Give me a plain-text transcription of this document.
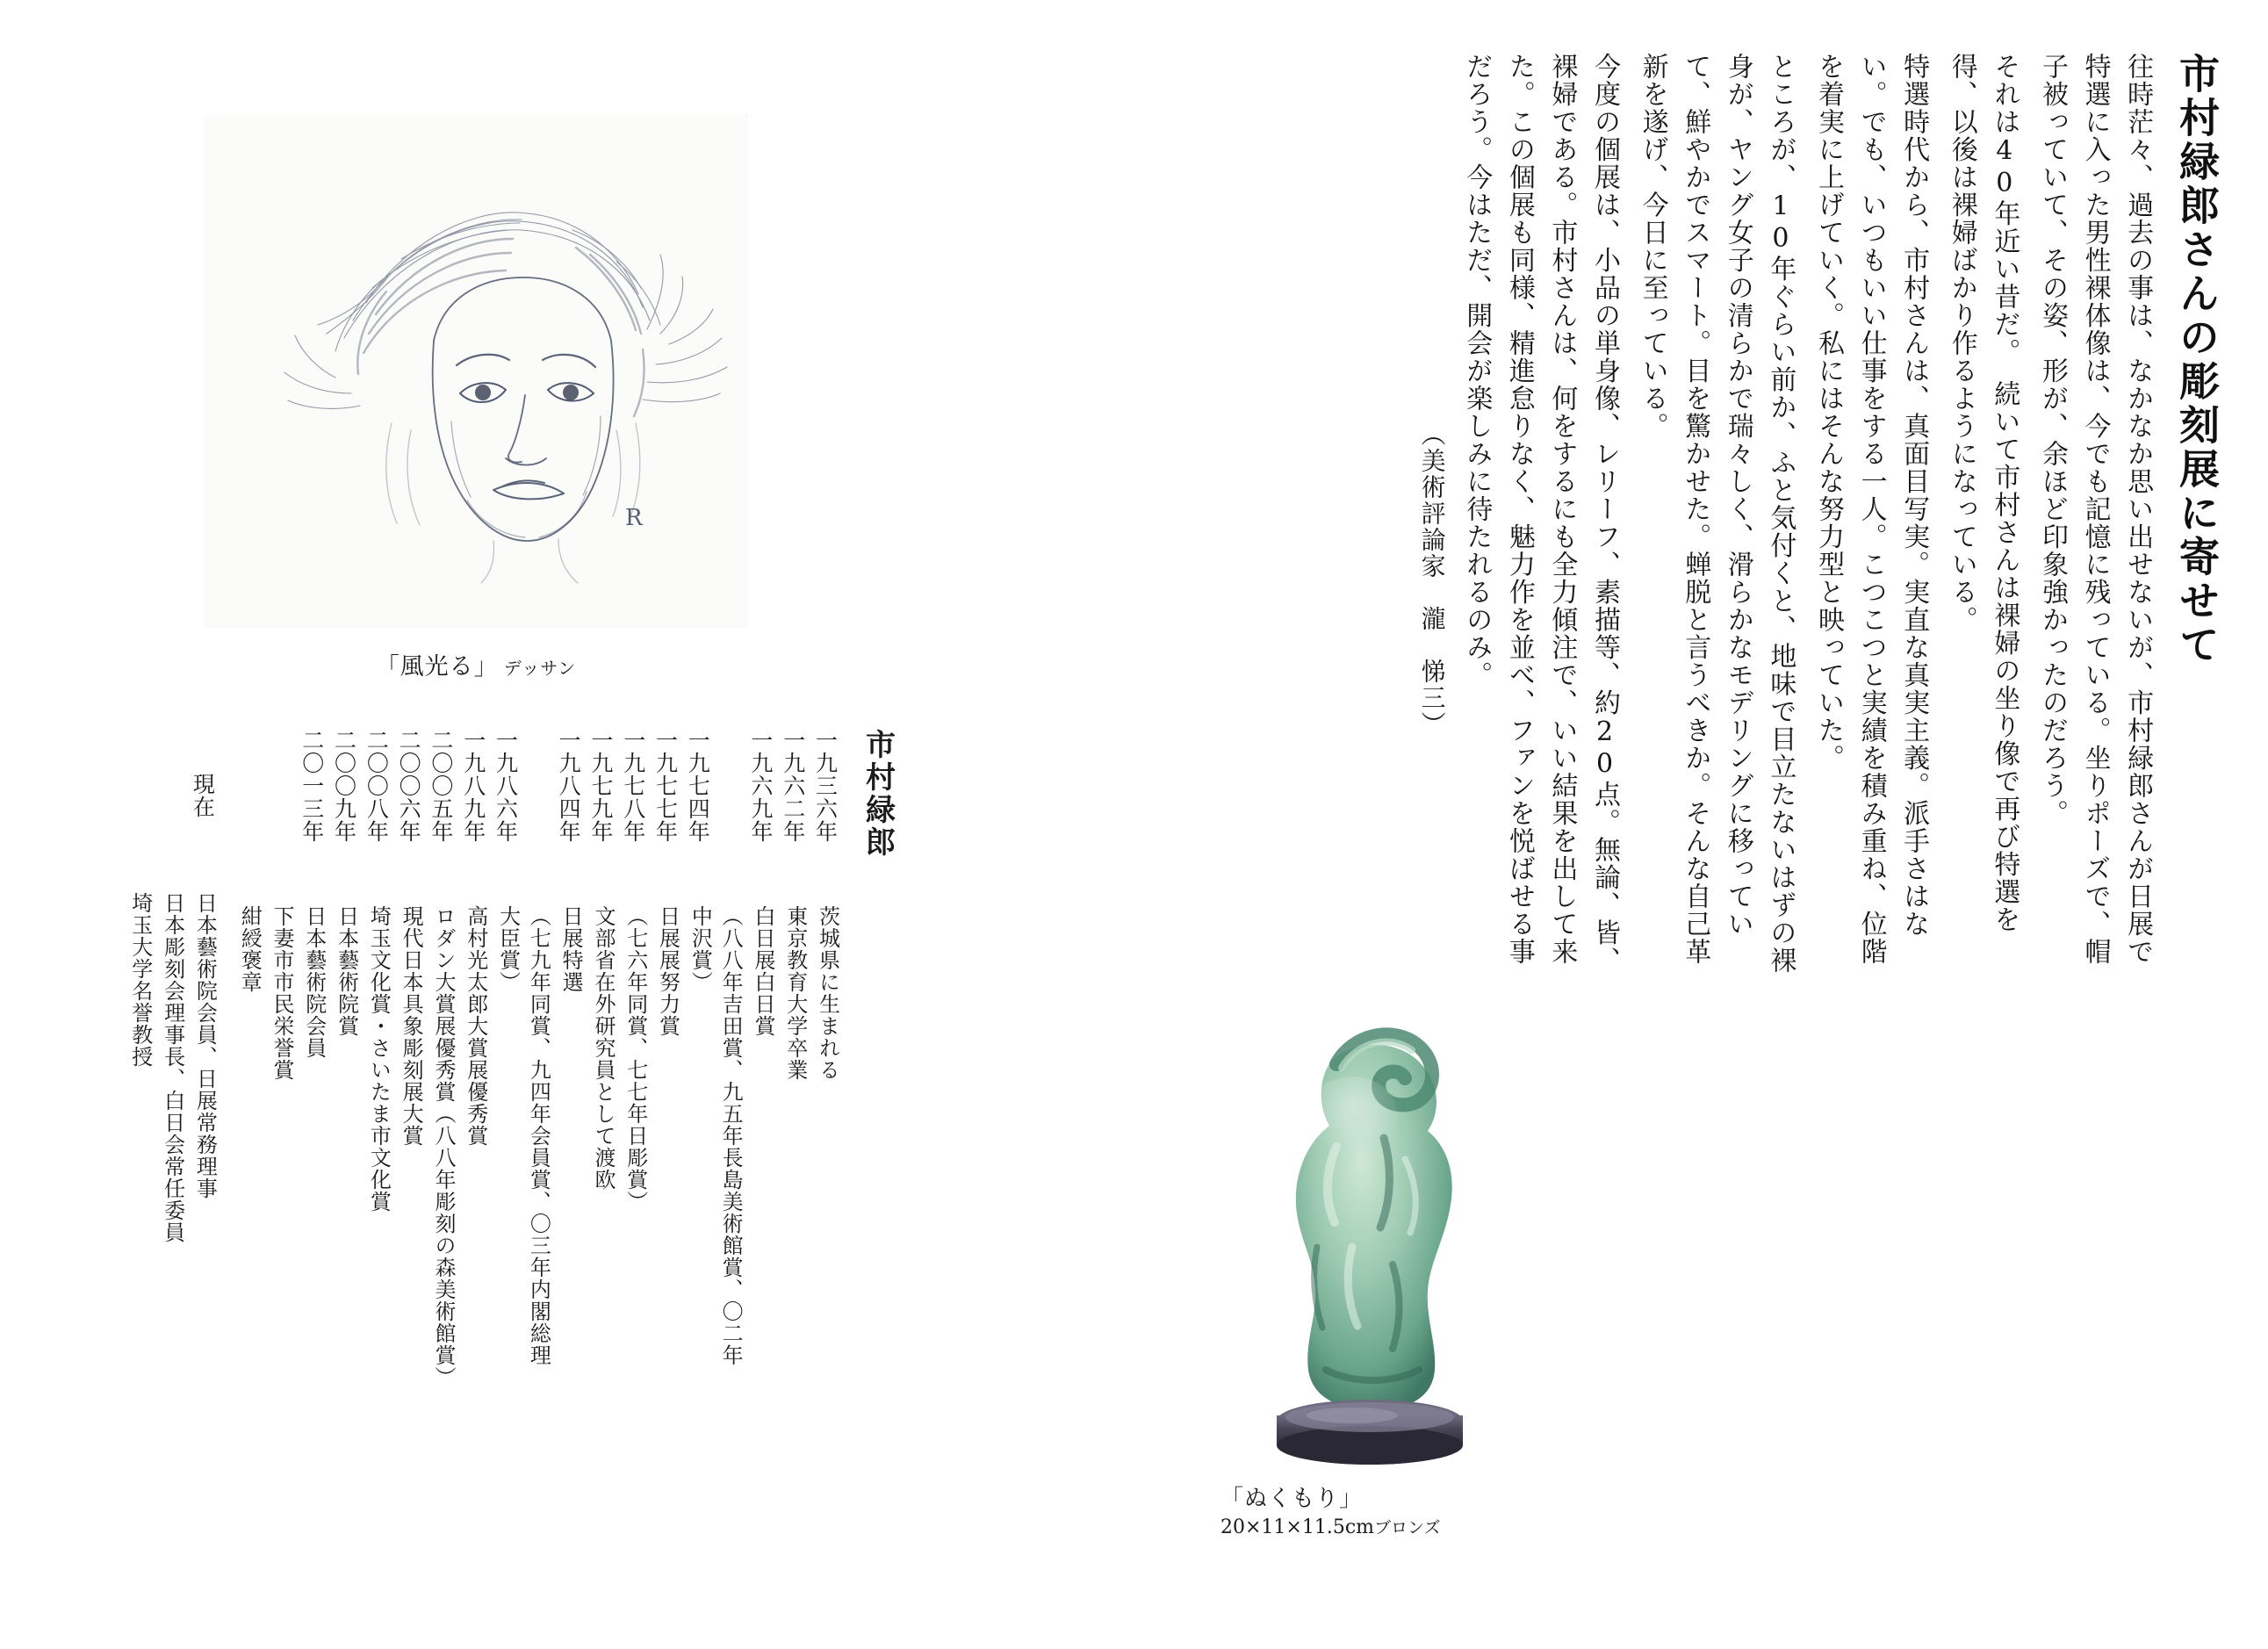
市村緑郎さんの彫刻展に寄せて
往時茫々、過去の事は、なかなか思い出せないが、市村緑郎さんが日展で特選に入った男性裸体像は、今でも記憶に残っている。坐りポーズで、帽子被っていて、その姿、形が、余ほど印象強かったのだろう。
それは40年近い昔だ。　続いて市村さんは裸婦の坐り像で再び特選を得、以後は裸婦ばかり作るようになっている。
特選時代から、市村さんは、真面目写実。実直な真実主義。派手さはない。でも、いつもいい仕事をする一人。こつこつと実績を積み重ね、位階を着実に上げていく。私にはそんな努力型と映っていた。
ところが、10年ぐらい前か、ふと気付くと、地味で目立たないはずの裸身が、ヤング女子の清らかで瑞々しく、滑らかなモデリングに移っていて、鮮やかでスマート。目を驚かせた。蝉脱と言うべきか。そんな自己革新を遂げ、今日に至っている。
今度の個展は、小品の単身像、レリーフ、素描等、約20点。無論、皆、裸婦である。市村さんは、何をするにも全力傾注で、いい結果を出して来た。この個展も同様、精進怠りなく、魅力作を並べ、ファンを悦ばせる事だろう。今はただ、開会が楽しみに待たれるのみ。
（美術評論家　瀧　悌三）
R
「風光る」 デッサン
「ぬくもり」
20×11×11.5cmブロンズ
市村緑郎
一九三六年
茨城県に生まれる
一九六二年
東京教育大学卒業
一九六九年
白日展白日賞
一九七四年
（八八年吉田賞、九五年長島美術館賞、〇二年中沢賞）
一九七七年
日展展努力賞
一九七八年
（七六年同賞、七七年日彫賞）
一九七九年
文部省在外研究員として渡欧
一九八四年
日展特選
一九八六年
（七九年同賞、九四年会員賞、〇三年内閣総理大臣賞）
一九八九年
高村光太郎大賞展優秀賞
二〇〇五年
ロダン大賞展優秀賞（八八年彫刻の森美術館賞）
二〇〇六年
現代日本具象彫刻展大賞
二〇〇八年
埼玉文化賞・さいたま市文化賞
二〇〇九年
日本藝術院賞
二〇一三年
日本藝術院会員
下妻市市民栄誉賞
紺綬褒章
現在
日本藝術院会員、日展常務理事
日本彫刻会理事長、白日会常任委員
埼玉大学名誉教授
